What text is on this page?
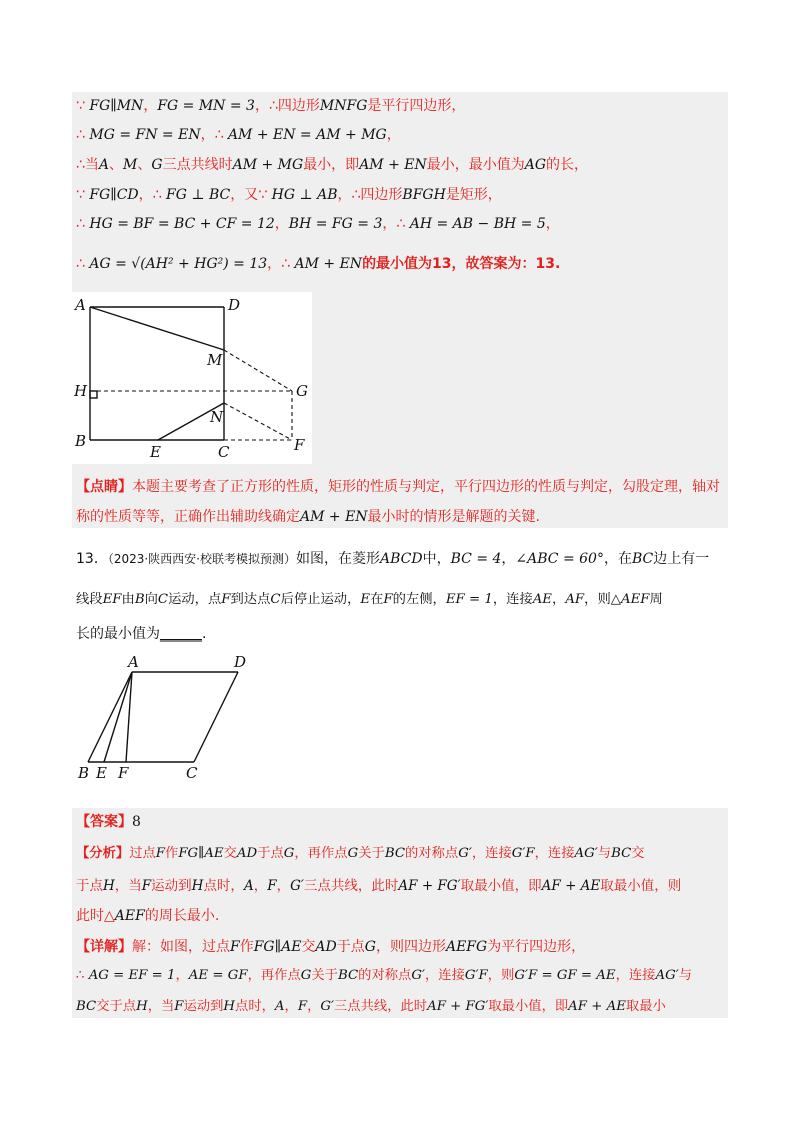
∵ FG∥MN，FG = MN = 3，∴四边形MNFG是平行四边形，
∴ MG = FN = EN，∴ AM + EN = AM + MG，
∴当A、M、G三点共线时AM + MG最小，即AM + EN最小，最小值为AG的长，
∵ FG∥CD，∴ FG ⊥ BC，又∵ HG ⊥ AB，∴四边形BFGH是矩形，
∴ HG = BF = BC + CF = 12，BH = FG = 3，∴ AH = AB − BH = 5，
∴ AG = √(AH² + HG²) = 13，∴ AM + EN的最小值为13，故答案为：13.
A	D
M
H	G
N
B
E	C	F
【点睛】本题主要考查了正方形的性质，矩形的性质与判定，平行四边形的性质与判定，勾股定理，轴对
称的性质等等，正确作出辅助线确定AM + EN最小时的情形是解题的关键.
13．（2023·陕西西安·校联考模拟预测）如图，在菱形ABCD中，BC = 4，∠ABC = 60°，在BC边上有一
线段EF由B向C运动，点F到达点C后停止运动，E在F的左侧，EF = 1，连接AE，AF，则△AEF周
长的最小值为______.
A	D
B E F	C
【答案】8
【分析】过点F作FG∥AE交AD于点G，再作点G关于BC的对称点G′，连接G′F，连接AG′与BC交
于点H，当F运动到H点时，A，F，G′三点共线，此时AF + FG′取最小值，即AF + AE取最小值，则
此时△AEF的周长最小.
【详解】解：如图，过点F作FG∥AE交AD于点G，则四边形AEFG为平行四边形，
∴ AG = EF = 1，AE = GF，再作点G关于BC的对称点G′，连接G′F，则G′F = GF = AE，连接AG′与
BC交于点H，当F运动到H点时，A，F，G′三点共线，此时AF + FG′取最小值，即AF + AE取最小
